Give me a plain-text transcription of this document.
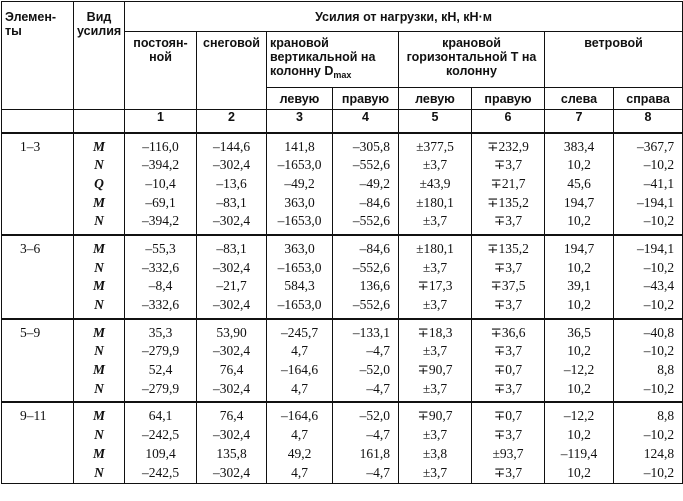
Элемен-ты	Вид усилия	Усилия от нагрузки, кН, кН·м							
		постоян-ной	снеговой	крановой вертикальной на колонну $D_{max}$		крановой горизонтальной T на колонну		ветровой	
				левую	правую	левую	правую	слева	справа
		1	2	3	4	5	6	7	8
1–3	M	–116,0	–144,6	141,8	–305,8	±377,5	∓232,9	383,4	–367,7
	N	–394,2	–302,4	–1653,0	–552,6	±3,7	∓3,7	10,2	–10,2
	Q	–10,4	–13,6	–49,2	–49,2	±43,9	∓21,7	45,6	–41,1
	M	–69,1	–83,1	363,0	–84,6	±180,1	∓135,2	194,7	–194,1
	N	–394,2	–302,4	–1653,0	–552,6	±3,7	∓3,7	10,2	–10,2
3–6	M	–55,3	–83,1	363,0	–84,6	±180,1	∓135,2	194,7	–194,1
	N	–332,6	–302,4	–1653,0	–552,6	±3,7	∓3,7	10,2	–10,2
	M	–8,4	–21,7	584,3	136,6	∓17,3	∓37,5	39,1	–43,4
	N	–332,6	–302,4	–1653,0	–552,6	±3,7	∓3,7	10,2	–10,2
5–9	M	35,3	53,90	–245,7	–133,1	∓18,3	∓36,6	36,5	–40,8
	N	–279,9	–302,4	4,7	–4,7	±3,7	∓3,7	10,2	–10,2
	M	52,4	76,4	–164,6	–52,0	∓90,7	∓0,7	–12,2	8,8
	N	–279,9	–302,4	4,7	–4,7	±3,7	∓3,7	10,2	–10,2
9–11	M	64,1	76,4	–164,6	–52,0	∓90,7	∓0,7	–12,2	8,8
	N	–242,5	–302,4	4,7	–4,7	±3,7	∓3,7	10,2	–10,2
	M	109,4	135,8	49,2	161,8	±3,8	±93,7	–119,4	124,8
	N	–242,5	–302,4	4,7	–4,7	±3,7	∓3,7	10,2	–10,2
